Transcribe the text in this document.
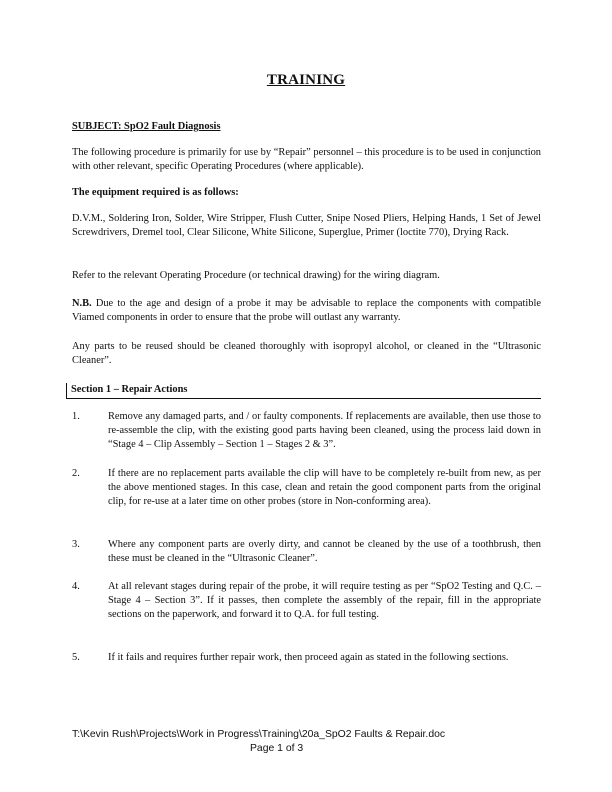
TRAINING

SUBJECT: SpO2 Fault Diagnosis

The following procedure is primarily for use by “Repair” personnel – this procedure is to be used in conjunction with other relevant, specific Operating Procedures (where applicable).

The equipment required is as follows:

D.V.M., Soldering Iron, Solder, Wire Stripper, Flush Cutter, Snipe Nosed Pliers, Helping Hands, 1 Set of Jewel Screwdrivers, Dremel tool, Clear Silicone, White Silicone, Superglue, Primer (loctite 770), Drying Rack.

Refer to the relevant Operating Procedure (or technical drawing) for the wiring diagram.

N.B. Due to the age and design of a probe it may be advisable to replace the components with compatible Viamed components in order to ensure that the probe will outlast any warranty.

Any parts to be reused should be cleaned thoroughly with isopropyl alcohol, or cleaned in the “Ultrasonic Cleaner”.

Section 1 – Repair Actions
1.	Remove any damaged parts, and / or faulty components. If replacements are available, then use those to re-assemble the clip, with the existing good parts having been cleaned, using the process laid down in “Stage 4 – Clip Assembly – Section 1 – Stages 2 & 3”.

2.	If there are no replacement parts available the clip will have to be completely re-built from new, as per the above mentioned stages. In this case, clean and retain the good component parts from the original clip, for re-use at a later time on other probes (store in Non-conforming area).

3.	Where any component parts are overly dirty, and cannot be cleaned by the use of a toothbrush, then these must be cleaned in the “Ultrasonic Cleaner”.

4.	At all relevant stages during repair of the probe, it will require testing as per “SpO2 Testing and Q.C. – Stage 4 – Section 3”. If it passes, then complete the assembly of the repair, fill in the appropriate sections on the paperwork, and forward it to Q.A. for full testing.

5.	If it fails and requires further repair work, then proceed again as stated in the following sections.

T:\Kevin Rush\Projects\Work in Progress\Training\20a_SpO2 Faults & Repair.doc
Page 1 of 3
